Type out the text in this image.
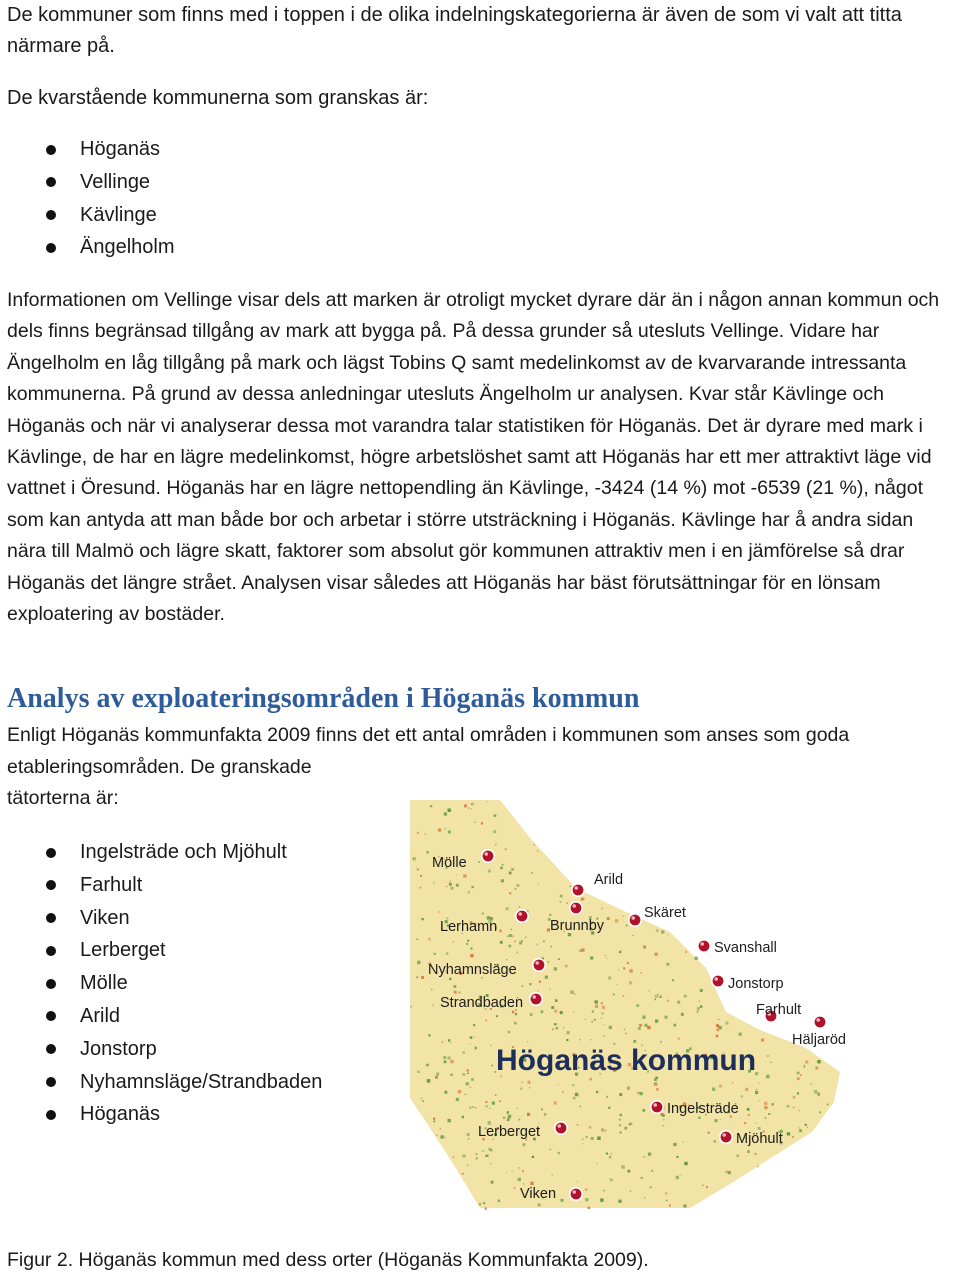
De kommuner som finns med i toppen i de olika indelningskategorierna är även de som vi valt att titta närmare på.

De kvarstående kommunerna som granskas är:

Höganäs
Vellinge
Kävlinge
Ängelholm

Informationen om Vellinge visar dels att marken är otroligt mycket dyrare där än i någon annan kommun och dels finns begränsad tillgång av mark att bygga på. På dessa grunder så utesluts Vellinge. Vidare har Ängelholm en låg tillgång på mark och lägst Tobins Q samt medelinkomst av de kvarvarande intressanta kommunerna. På grund av dessa anledningar utesluts Ängelholm ur analysen. Kvar står Kävlinge och Höganäs och när vi analyserar dessa mot varandra talar statistiken för Höganäs. Det är dyrare med mark i Kävlinge, de har en lägre medelinkomst, högre arbetslöshet samt att Höganäs har ett mer attraktivt läge vid vattnet i Öresund. Höganäs har en lägre nettopendling än Kävlinge, -3424 (14 %) mot -6539 (21 %), något som kan antyda att man både bor och arbetar i större utsträckning i Höganäs. Kävlinge har å andra sidan nära till Malmö och lägre skatt, faktorer som absolut gör kommunen attraktiv men i en jämförelse så drar Höganäs det längre strået. Analysen visar således att Höganäs har bäst förutsättningar för en lönsam exploatering av bostäder.

Analys av exploateringsområden i Höganäs kommun
Enligt Höganäs kommunfakta 2009 finns det ett antal områden i kommunen som anses som goda
etableringsområden. De granskade
tätorterna är:
Ingelsträde och Mjöhult
Farhult
Viken
Lerberget
Mölle
Arild
Jonstorp
Nyhamnsläge/Strandbaden
Höganäs
Höganäs kommun
Mölle
Arild
Lerhamn	Brunnby
Skäret
Svanshall
Nyhamnsläge
Jonstorp
Strandbaden	Farhult
Häljaröd
Ingelsträde
Lerberget	Mjöhult
Viken

Figur 2. Höganäs kommun med dess orter (Höganäs Kommunfakta 2009).
